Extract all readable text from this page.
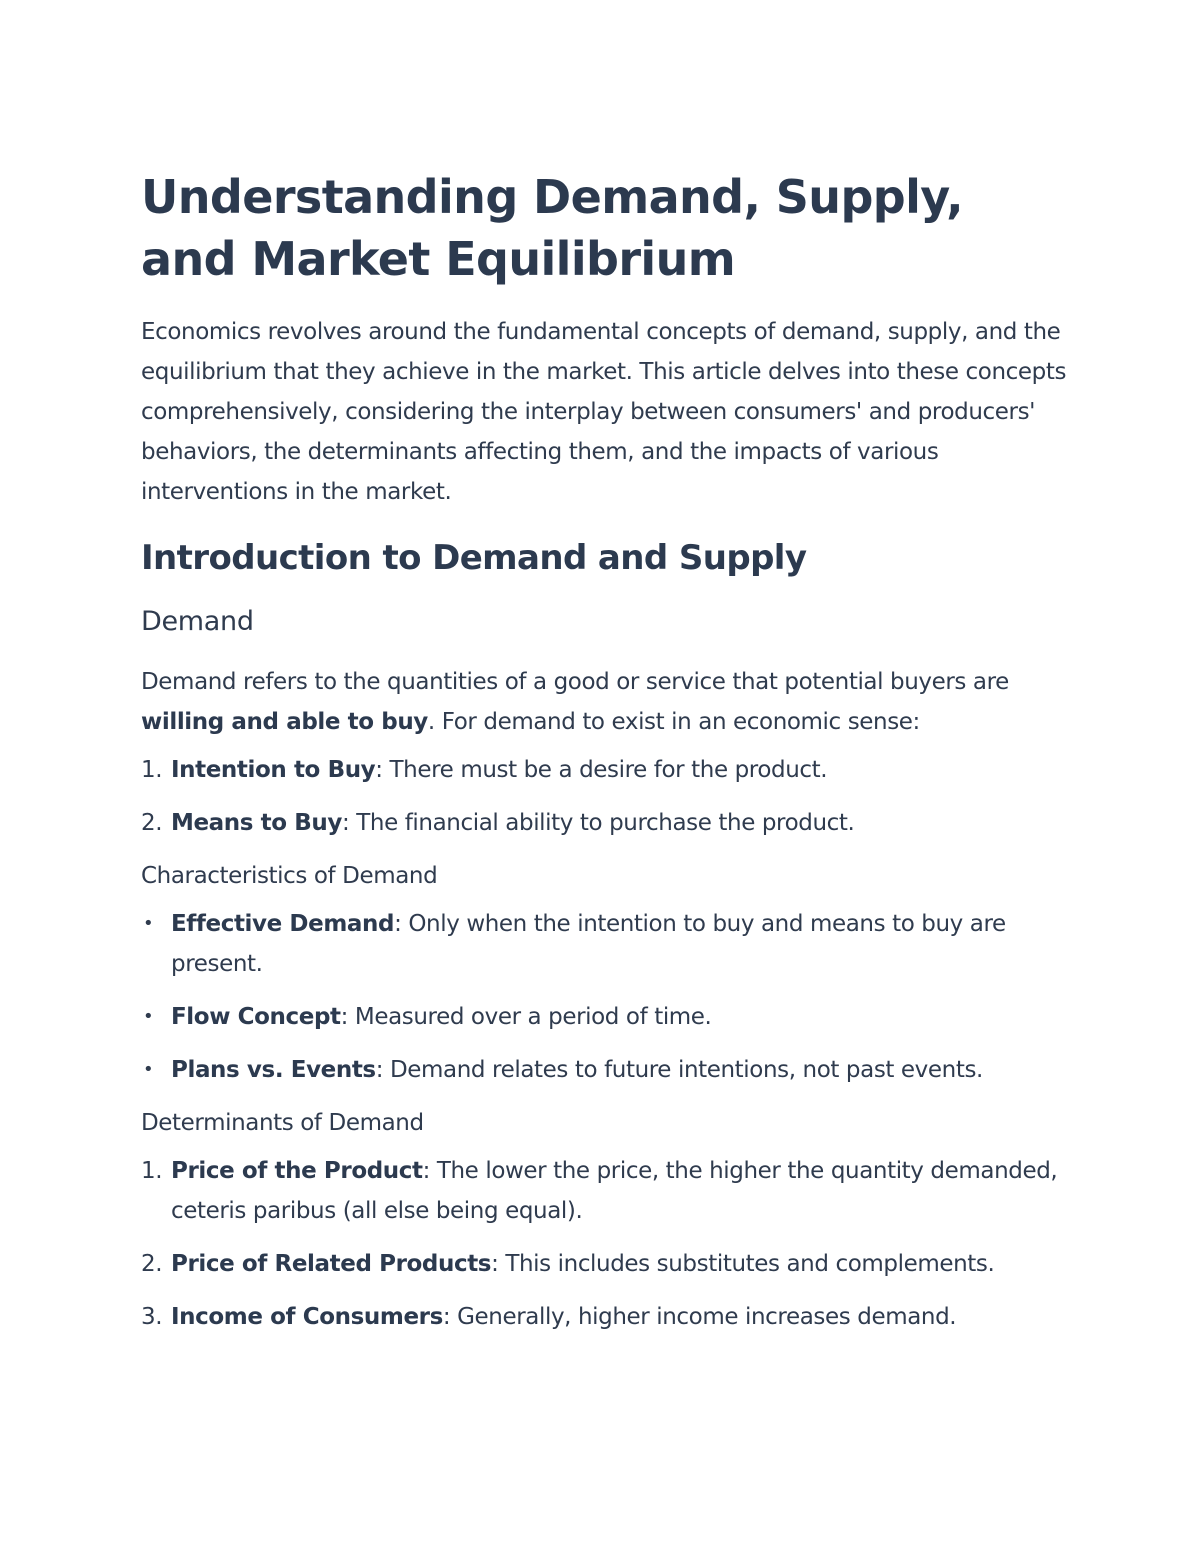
Understanding Demand, Supply, and Market Equilibrium

Economics revolves around the fundamental concepts of demand, supply, and the equilibrium that they achieve in the market. This article delves into these concepts comprehensively, considering the interplay between consumers' and producers' behaviors, the determinants affecting them, and the impacts of various interventions in the market.

Introduction to Demand and Supply
Demand

Demand refers to the quantities of a good or service that potential buyers are willing and able to buy. For demand to exist in an economic sense:

1. Intention to Buy: There must be a desire for the product.
2. Means to Buy: The financial ability to purchase the product.

Characteristics of Demand

• Effective Demand: Only when the intention to buy and means to buy are present.
• Flow Concept: Measured over a period of time.
• Plans vs. Events: Demand relates to future intentions, not past events.

Determinants of Demand

1. Price of the Product: The lower the price, the higher the quantity demanded, ceteris paribus (all else being equal).
2. Price of Related Products: This includes substitutes and complements.
3. Income of Consumers: Generally, higher income increases demand.
